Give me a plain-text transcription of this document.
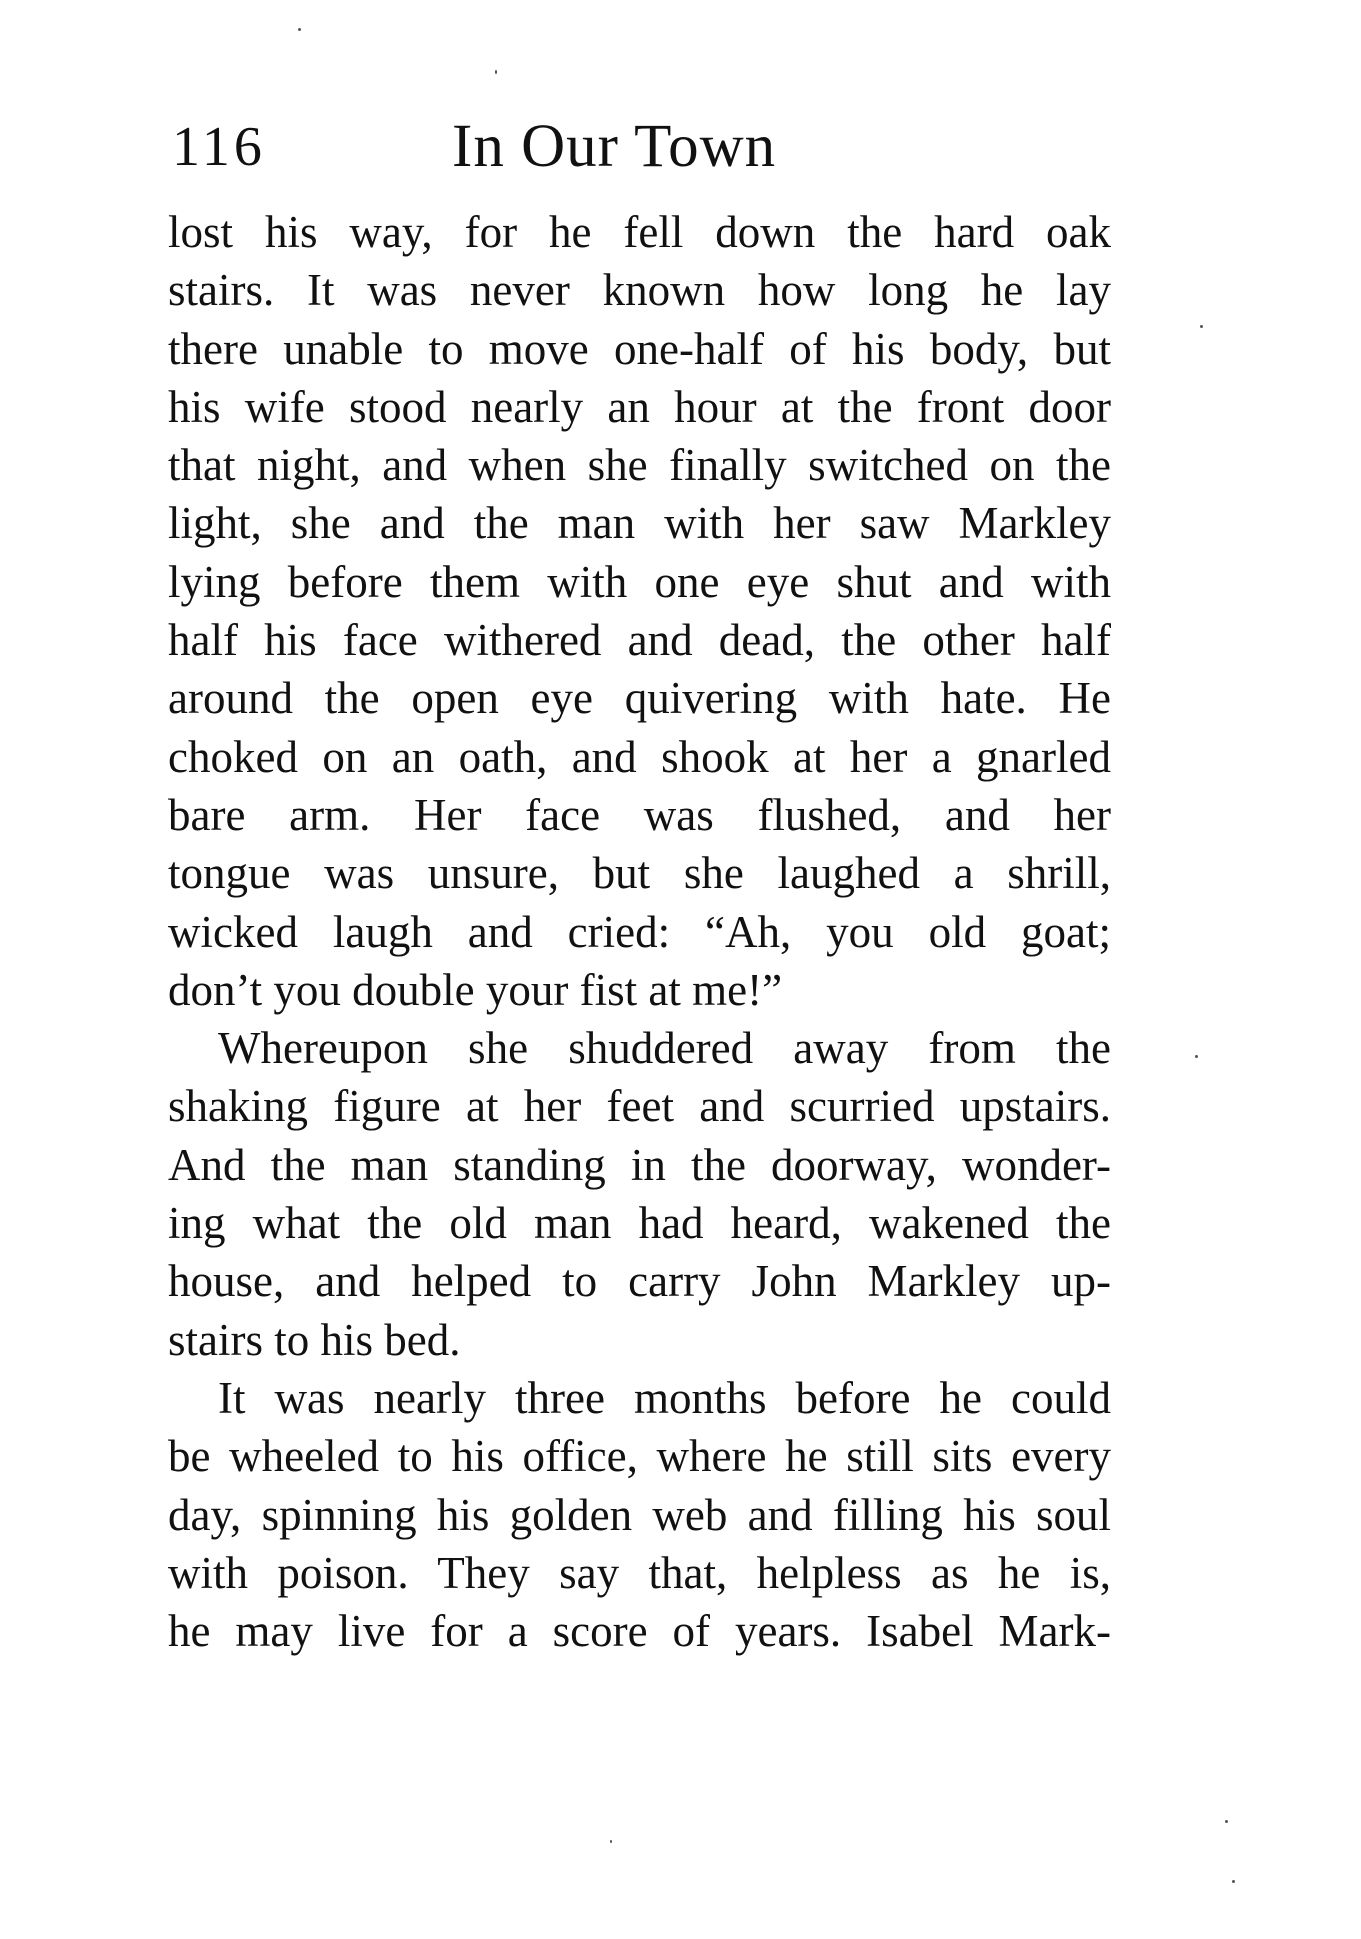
116	In Our Town
lost his way, for he fell down the hard oak
stairs. It was never known how long he lay
there unable to move one-half of his body, but
his wife stood nearly an hour at the front door
that night, and when she finally switched on the
light, she and the man with her saw Markley
lying before them with one eye shut and with
half his face withered and dead, the other half
around the open eye quivering with hate. He
choked on an oath, and shook at her a gnarled
bare arm. Her face was flushed, and her
tongue was unsure, but she laughed a shrill,
wicked laugh and cried: “Ah, you old goat;
don’t you double your fist at me!”
Whereupon she shuddered away from the
shaking figure at her feet and scurried upstairs.
And the man standing in the doorway, wonder-
ing what the old man had heard, wakened the
house, and helped to carry John Markley up-
stairs to his bed.
It was nearly three months before he could
be wheeled to his office, where he still sits every
day, spinning his golden web and filling his soul
with poison. They say that, helpless as he is,
he may live for a score of years. Isabel Mark-
